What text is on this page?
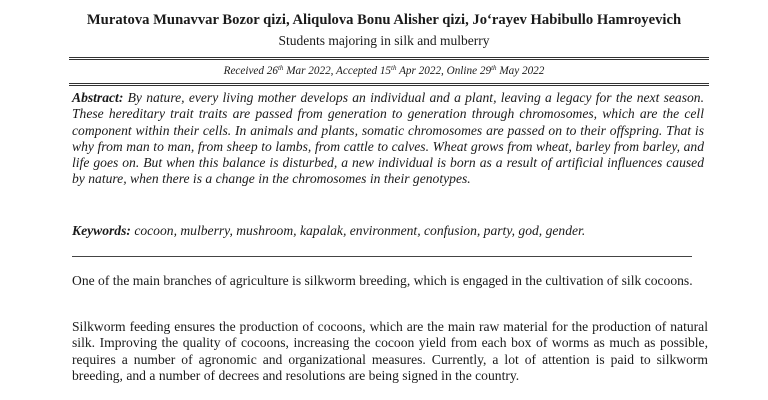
Muratova Munavvar Bozor qizi, Aliqulova Bonu Alisher qizi, Jo‘rayev Habibullo Hamroyevich
Students majoring in silk and mulberry
Received 26th Mar 2022, Accepted 15th Apr 2022, Online 29th May 2022
Abstract: By nature, every living mother develops an individual and a plant, leaving a legacy for the next season. These hereditary trait traits are passed from generation to generation through chromosomes, which are the cell component within their cells. In animals and plants, somatic chromosomes are passed on to their offspring. That is why from man to man, from sheep to lambs, from cattle to calves. Wheat grows from wheat, barley from barley, and life goes on. But when this balance is disturbed, a new individual is born as a result of artificial influences caused by nature, when there is a change in the chromosomes in their genotypes.
Keywords: cocoon, mulberry, mushroom, kapalak, environment, confusion, party, god, gender.
One of the main branches of agriculture is silkworm breeding, which is engaged in the cultivation of silk cocoons.
Silkworm feeding ensures the production of cocoons, which are the main raw material for the production of natural silk. Improving the quality of cocoons, increasing the cocoon yield from each box of worms as much as possible, requires a number of agronomic and organizational measures. Currently, a lot of attention is paid to silkworm breeding, and a number of decrees and resolutions are being signed in the country.
